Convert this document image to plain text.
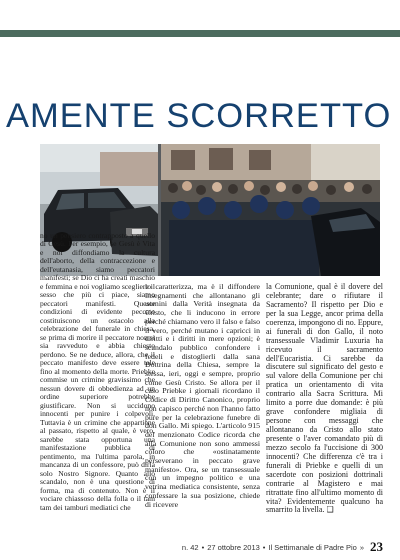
AMENTE SCORRETTO

no un pensiero contrapposto a quello di Gesù. Per esempio, se Gesù è Vita e noi diffondiamo la cultura dell'aborto, della contraccezione e dell'eutanasia, siamo peccatori manifesti; se Dio ci ha creati maschio e femmina e noi vogliamo scegliere il sesso che più ci piace, siamo peccatori manifesti. Queste condizioni di evidente peccato costituiscono un ostacolo alla celebrazione del funerale in chiesa, se prima di morire il peccatore non si sia ravveduto e abbia chiesto perdono. Se ne deduce, allora, che il peccato manifesto deve essere tale fino al momento della morte. Priebke commise un crimine gravissimo che nessun dovere di obbedienza ad un ordine superiore potrebbe giustificare. Non si uccidono innocenti per punire i colpevoli. Tuttavia è un crimine che appartiene al passato, rispetto al quale, è vero, sarebbe stata opportuna una manifestazione pubblica di pentimento, ma l'ultima parola, in mancanza di un confessore, può dirla solo Nostro Signore. Quanto allo scandalo, non è una questione di forma, ma di contenuto. Non è il vociare chiassoso della folla o il tam tam dei tamburi mediatici che

lo caratterizza, ma è il diffondere insegnamenti che allontanano gli uomini dalla Verità insegnata da Cristo, che li inducono in errore perché chiamano vero il falso e falso il vero, perché mutano i capricci in diritti e i diritti in mere opzioni; è scandalo pubblico confondere i fedeli e distoglierli dalla sana Dottrina della Chiesa, sempre la stessa, ieri, oggi e sempre, proprio come Gesù Cristo. Se allora per il caso Priebke i giornali ricordano il Codice di Diritto Canonico, proprio non capisco perché non l'hanno fatto pure per la celebrazione funebre di don Gallo. Mi spiego. L'articolo 915 del menzionato Codice ricorda che alla Comunione non sono ammessi coloro che «ostinatamente perseverano in peccato grave manifesto». Ora, se un transessuale con un impegno politico e una vetrina mediatica consistente, senza confessare la sua posizione, chiede di ricevere

la Comunione, qual è il dovere del celebrante; dare o rifiutare il Sacramento? Il rispetto per Dio e per la sua Legge, ancor prima della coerenza, impongono di no. Eppure, ai funerali di don Gallo, il noto transessuale Vladimir Luxuria ha ricevuto il sacramento dell'Eucaristia. Ci sarebbe da discutere sul significato del gesto e sul valore della Comunione per chi pratica un orientamento di vita contrario alla Sacra Scrittura. Mi limito a porre due domande: è più grave confondere migliaia di persone con messaggi che allontanano da Cristo allo stato presente o l'aver comandato più di mezzo secolo fa l'uccisione di 300 innocenti? Che differenza c'è tra i funerali di Priebke e quelli di un sacerdote con posizioni dottrinali contrarie al Magistero e mai ritrattate fino all'ultimo momento di vita? Evidentemente qualcuno ha smarrito la livella. ❑

n. 42 • 27 ottobre 2013 • Il Settimanale di Padre Pio » 23
